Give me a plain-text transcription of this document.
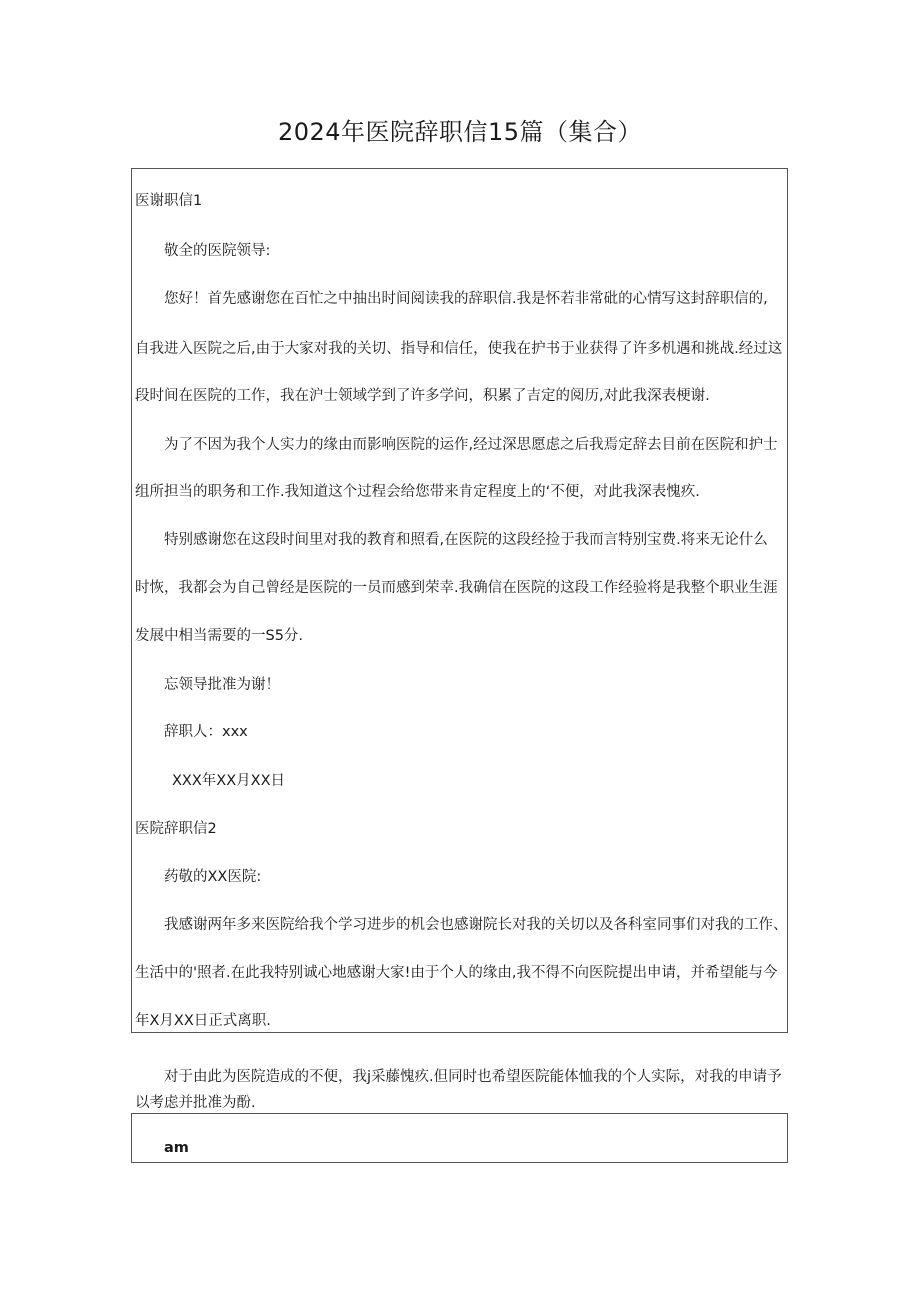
2024年医院辞职信15篇（集合）
医谢职信1
敬全的医院领导:
您好！首先感谢您在百忙之中抽出时间阅读我的辞职信.我是怀若非常砒的心情写这封辞职信的,
自我进入医院之后,由于大家对我的关切、指导和信任，使我在护书于业获得了许多机遇和挑战.经过这
段时间在医院的工作，我在沪士领域学到了许多学问，积累了吉定的阅历,对此我深表梗谢.
为了不因为我个人实力的缘由而影响医院的运作,经过深思愿虑之后我焉定辞去目前在医院和护士
组所担当的职务和工作.我知道这个过程会给您带来肯定程度上的‘不便，对此我深表愧疚.
特别感谢您在这段时间里对我的教育和照看,在医院的这段经捡于我而言特别宝费.将来无论什么
时恢，我都会为自己曾经是医院的一员而感到荣幸.我确信在医院的这段工作经验将是我整个职业生涯
发展中相当需要的一S5分.
忘领导批准为谢！
辞职人：xxx
XXX年XX月XX日
医院辞职信2
药敬的XX医院:
我感谢两年多来医院给我个学习进步的机会也感谢院长对我的关切以及各科室同事们对我的工作、
生活中的'照者.在此我特别诚心地感谢大家!由于个人的缘由,我不得不向医院提出申请，并希望能与今
年X月XX日正式离职.
对于由此为医院造成的不便，我j采藤愧疚.但同时也希望医院能体恤我的个人实际，对我的申请予
以考虑并批准为酚.
am
